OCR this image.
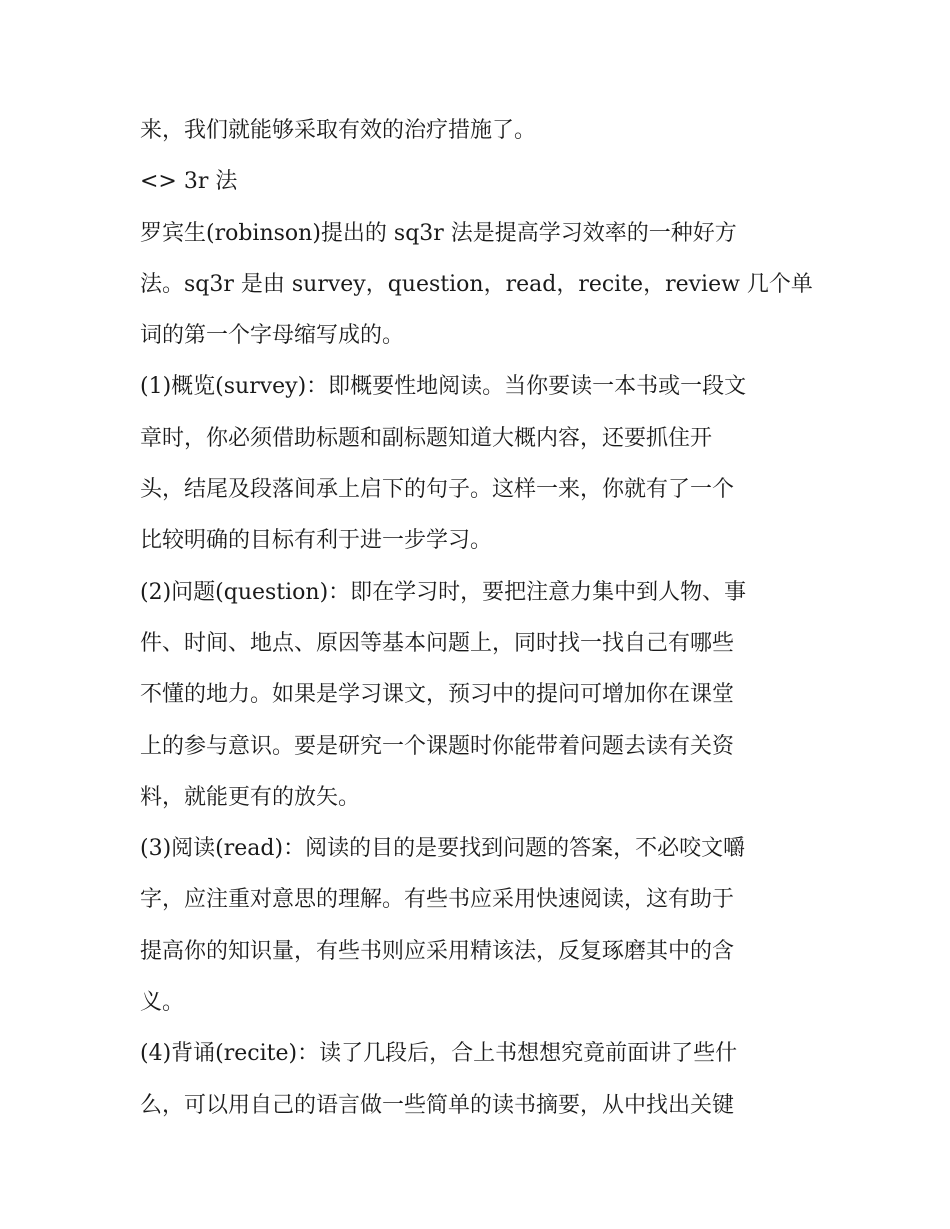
来，我们就能够采取有效的治疗措施了。
<> 3r 法
罗宾生(robinson)提出的 sq3r 法是提高学习效率的一种好方
法。sq3r 是由 survey，question，read，recite，review 几个单
词的第一个字母缩写成的。
(1)概览(survey)：即概要性地阅读。当你要读一本书或一段文
章时，你必须借助标题和副标题知道大概内容，还要抓住开
头，结尾及段落间承上启下的句子。这样一来，你就有了一个
比较明确的目标有利于进一步学习。
(2)问题(question)：即在学习时，要把注意力集中到人物、事
件、时间、地点、原因等基本问题上，同时找一找自己有哪些
不懂的地力。如果是学习课文，预习中的提问可增加你在课堂
上的参与意识。要是研究一个课题时你能带着问题去读有关资
料，就能更有的放矢。
(3)阅读(read)：阅读的目的是要找到问题的答案，不必咬文嚼
字，应注重对意思的理解。有些书应采用快速阅读，这有助于
提高你的知识量，有些书则应采用精该法，反复琢磨其中的含
义。
(4)背诵(recite)：读了几段后，合上书想想究竟前面讲了些什
么，可以用自己的语言做一些简单的读书摘要，从中找出关键
